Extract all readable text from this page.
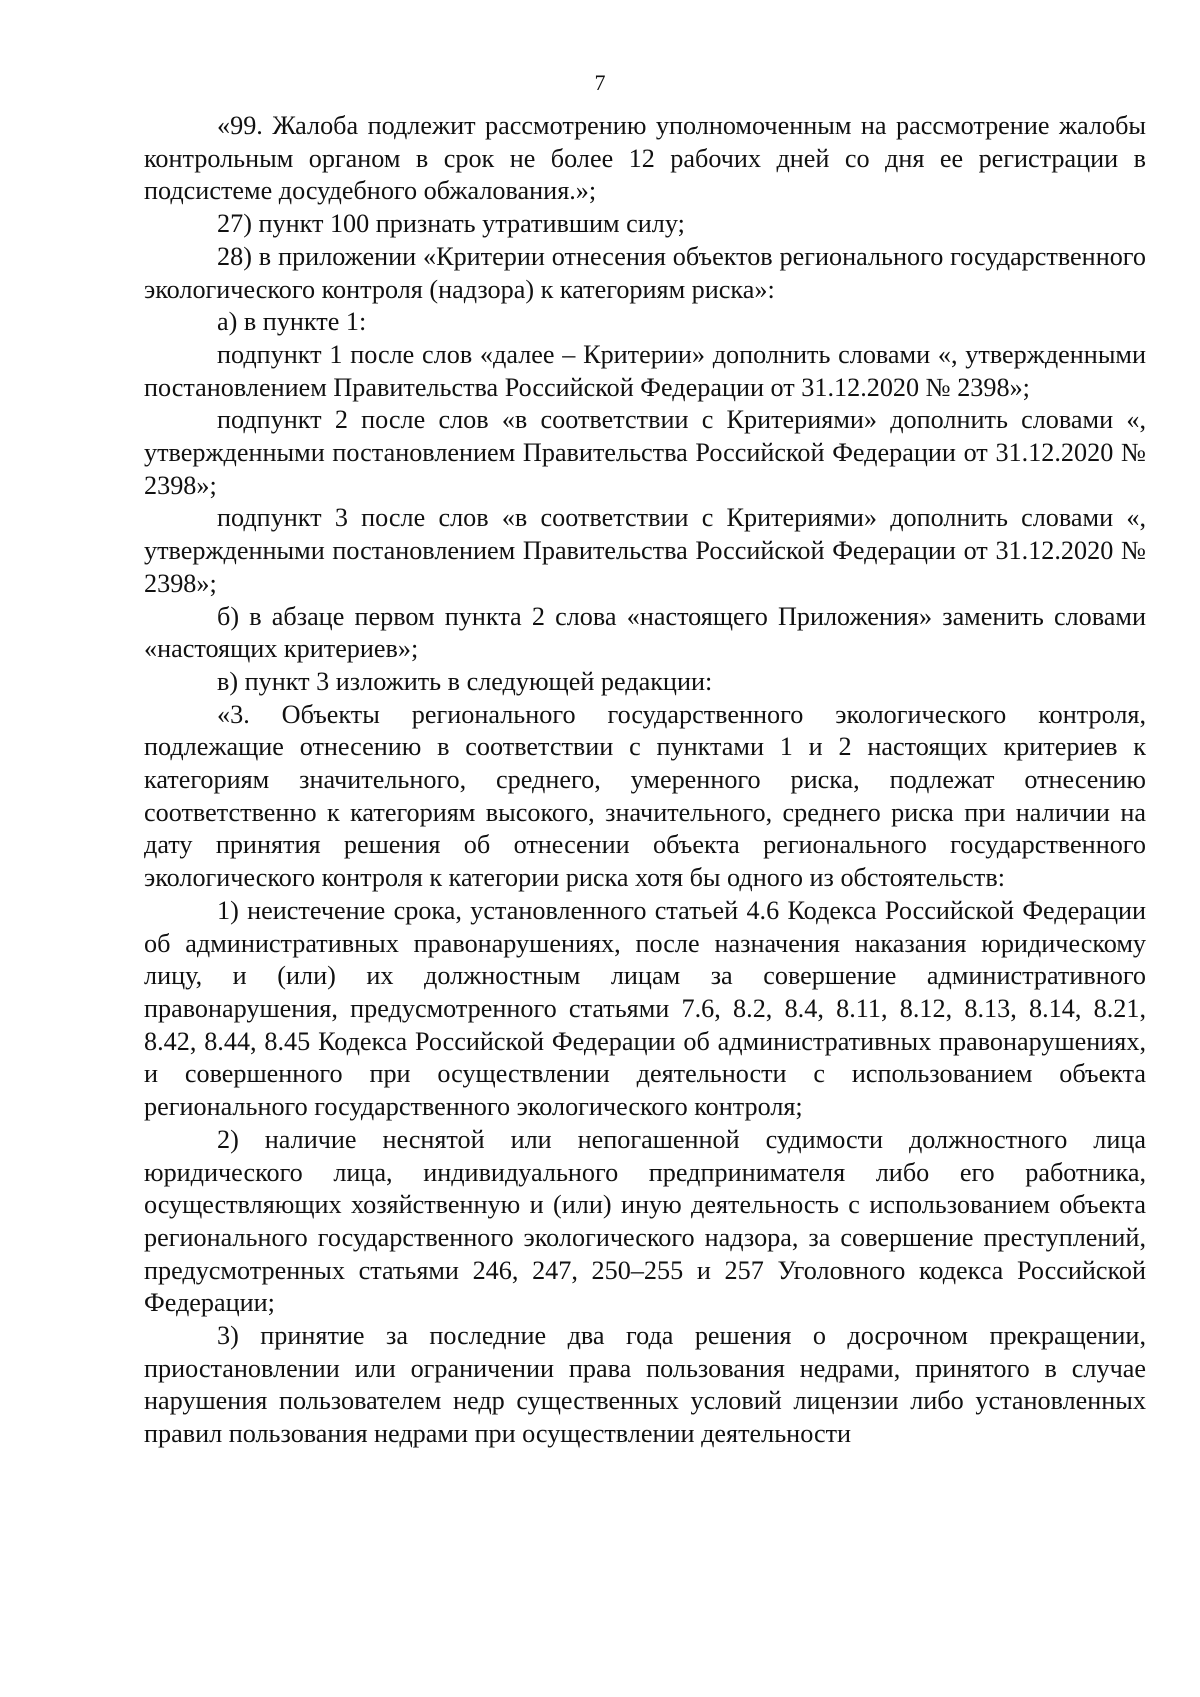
7

«99. Жалоба подлежит рассмотрению уполномоченным на рассмотрение жалобы контрольным органом в срок не более 12 рабочих дней со дня ее регистрации в подсистеме досудебного обжалования.»;

27) пункт 100 признать утратившим силу;

28) в приложении «Критерии отнесения объектов регионального государственного экологического контроля (надзора) к категориям риска»:

а) в пункте 1:

подпункт 1 после слов «далее – Критерии» дополнить словами «, утвержденными постановлением Правительства Российской Федерации от 31.12.2020 № 2398»;

подпункт 2 после слов «в соответствии с Критериями» дополнить словами «, утвержденными постановлением Правительства Российской Федерации от 31.12.2020 № 2398»;

подпункт 3 после слов «в соответствии с Критериями» дополнить словами «, утвержденными постановлением Правительства Российской Федерации от 31.12.2020 № 2398»;

б) в абзаце первом пункта 2 слова «настоящего Приложения» заменить словами «настоящих критериев»;

в) пункт 3 изложить в следующей редакции:

«3. Объекты регионального государственного экологического контроля, подлежащие отнесению в соответствии с пунктами 1 и 2 настоящих критериев к категориям значительного, среднего, умеренного риска, подлежат отнесению соответственно к категориям высокого, значительного, среднего риска при наличии на дату принятия решения об отнесении объекта регионального государственного экологического контроля к категории риска хотя бы одного из обстоятельств:

1) неистечение срока, установленного статьей 4.6 Кодекса Российской Федерации об административных правонарушениях, после назначения наказания юридическому лицу, и (или) их должностным лицам за совершение административного правонарушения, предусмотренного статьями 7.6, 8.2, 8.4, 8.11, 8.12, 8.13, 8.14, 8.21, 8.42, 8.44, 8.45 Кодекса Российской Федерации об административных правонарушениях, и совершенного при осуществлении деятельности с использованием объекта регионального государственного экологического контроля;

2) наличие неснятой или непогашенной судимости должностного лица юридического лица, индивидуального предпринимателя либо его работника, осуществляющих хозяйственную и (или) иную деятельность с использованием объекта регионального государственного экологического надзора, за совершение преступлений, предусмотренных статьями 246, 247, 250–255 и 257 Уголовного кодекса Российской Федерации;

3) принятие за последние два года решения о досрочном прекращении, приостановлении или ограничении права пользования недрами, принятого в случае нарушения пользователем недр существенных условий лицензии либо установленных правил пользования недрами при осуществлении деятельности
